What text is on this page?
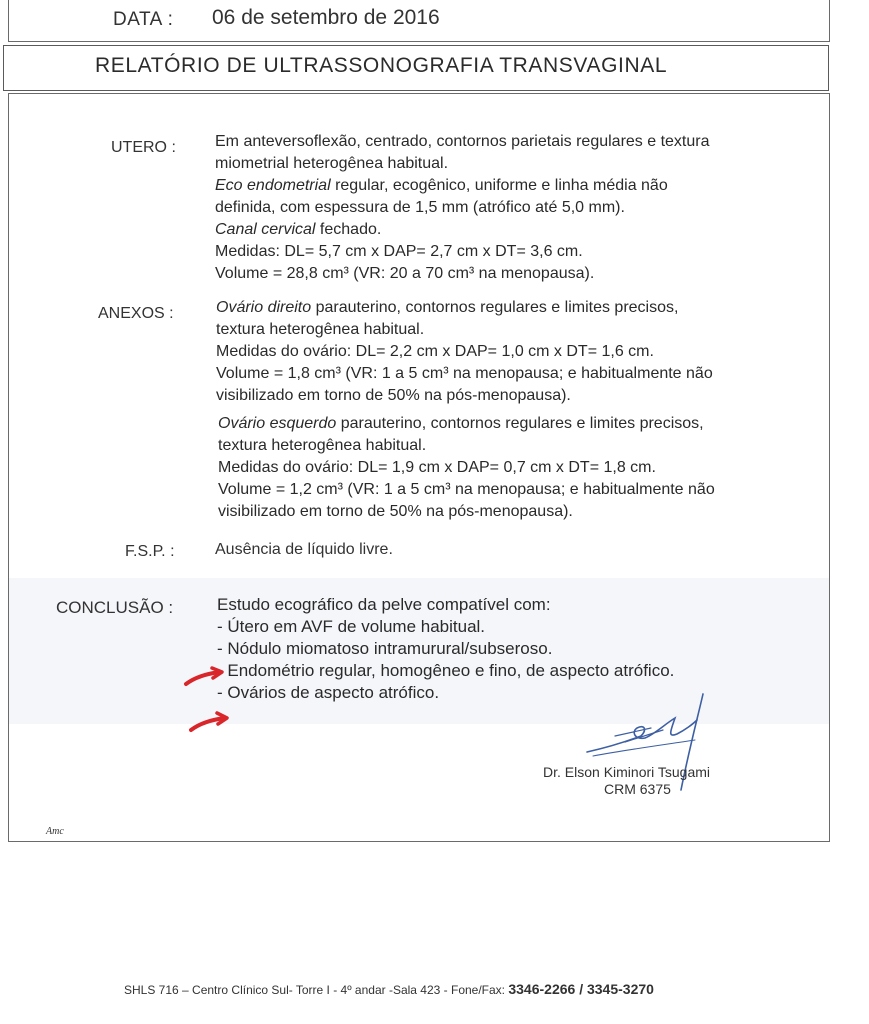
DATA : 06 de setembro de 2016
RELATÓRIO DE ULTRASSONOGRAFIA TRANSVAGINAL
UTERO : Em anteversoflexão, centrado, contornos parietais regulares e textura
miometrial heterogênea habitual.
Eco endometrial regular, ecogênico, uniforme e linha média não
definida, com espessura de 1,5 mm (atrófico até 5,0 mm).
Canal cervical fechado.
Medidas: DL= 5,7 cm x DAP= 2,7 cm x DT= 3,6 cm.
Volume = 28,8 cm³ (VR: 20 a 70 cm³ na menopausa).
ANEXOS :	Ovário direito parauterino, contornos regulares e limites precisos,
textura heterogênea habitual.
Medidas do ovário: DL= 2,2 cm x DAP= 1,0 cm x DT= 1,6 cm.
Volume = 1,8 cm³ (VR: 1 a 5 cm³ na menopausa; e habitualmente não
visibilizado em torno de 50% na pós-menopausa).
Ovário esquerdo parauterino, contornos regulares e limites precisos,
textura heterogênea habitual.
Medidas do ovário: DL= 1,9 cm x DAP= 0,7 cm x DT= 1,8 cm.
Volume = 1,2 cm³ (VR: 1 a 5 cm³ na menopausa; e habitualmente não
visibilizado em torno de 50% na pós-menopausa).
F.S.P. :	Ausência de líquido livre.
CONCLUSÃO :	Estudo ecográfico da pelve compatível com:
- Útero em AVF de volume habitual.
- Nódulo miomatoso intramurural/subseroso.
- Endométrio regular, homogêneo e fino, de aspecto atrófico.
- Ovários de aspecto atrófico.
Dr. Elson Kiminori Tsugami
CRM 6375
Amc
SHLS 716 – Centro Clínico Sul- Torre I - 4º andar -Sala 423 - Fone/Fax: 3346-2266 / 3345-3270
